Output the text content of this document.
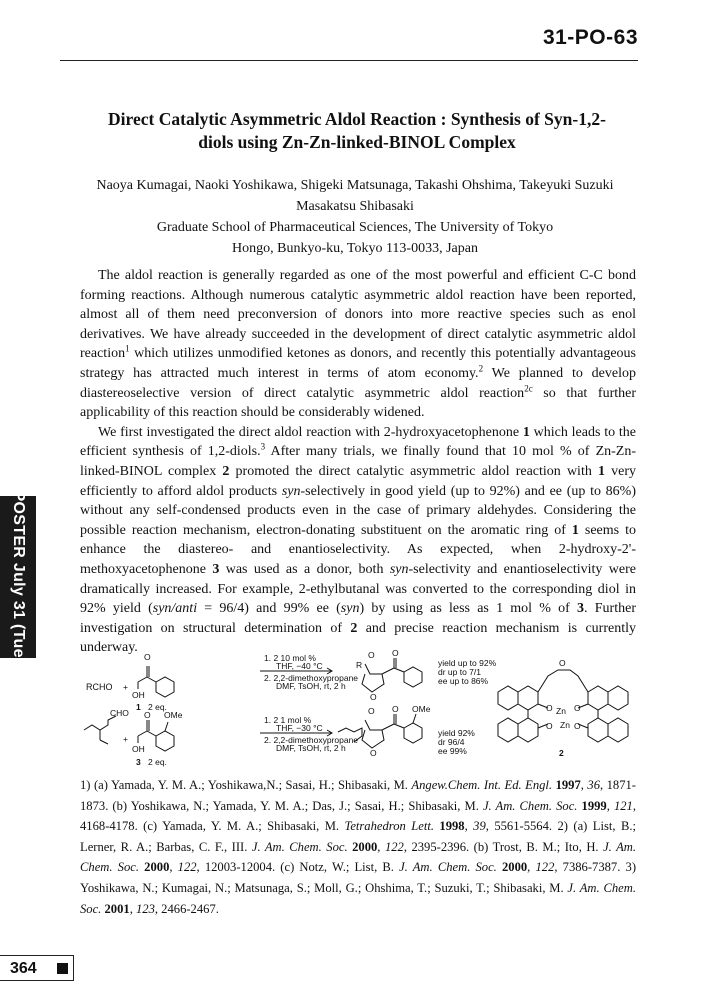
31-PO-63
Direct Catalytic Asymmetric Aldol Reaction : Synthesis of Syn-1,2-
diols using Zn-Zn-linked-BINOL Complex
Naoya Kumagai, Naoki Yoshikawa, Shigeki Matsunaga, Takashi Ohshima, Takeyuki Suzuki
Masakatsu Shibasaki
Graduate School of Pharmaceutical Sciences, The University of Tokyo
Hongo, Bunkyo-ku, Tokyo 113-0033, Japan

The aldol reaction is generally regarded as one of the most powerful and efficient C-C bond forming reactions. Although numerous catalytic asymmetric aldol reaction have been reported, almost all of them need preconversion of donors into more reactive species such as enol derivatives. We have already succeeded in the development of direct catalytic asymmetric aldol reaction$^1$ which utilizes unmodified ketones as donors, and recently this potentially advantageous strategy has attracted much interest in terms of atom economy.$^2$ We planned to develop diastereoselective version of direct catalytic asymmetric aldol reaction$^{2c}$ so that further applicability of this reaction should be considerably widened.

We first investigated the direct aldol reaction with 2-hydroxyacetophenone 1 which leads to the efficient synthesis of 1,2-diols.$^3$ After many trials, we finally found that 10 mol % of Zn-Zn-linked-BINOL complex 2 promoted the direct catalytic asymmetric aldol reaction with 1 very efficiently to afford aldol products syn-selectively in good yield (up to 92%) and ee (up to 86%) without any self-condensed products even in the case of primary aldehydes. Considering the possible reaction mechanism, electron-donating substituent on the aromatic ring of 1 seems to enhance the diastereo- and enantioselectivity. As expected, when 2-hydroxy-2'-methoxyacetophenone 3 was used as a donor, both syn-selectivity and enantioselectivity were dramatically increased. For example, 2-ethylbutanal was converted to the corresponding diol in 92% yield (syn/anti = 96/4) and 99% ee (syn) by using as less as 1 mol % of 3. Further investigation on structural determination of 2 and precise reaction mechanism is currently underway.

O
OH
RCHO +
1 2 eq.
1. 2 10 mol %
THF, −40 °C
2. 2,2-dimethoxypropane
DMF, TsOH, rt, 2 h
R
O O
O
yield up to 92%
dr up to 7/1
ee up to 86%
CHO
+
O OMe
OH
3 2 eq.
1. 2 1 mol %
THF, −30 °C
2. 2,2-dimethoxypropane
DMF, TsOH, rt, 2 h
O O OMe
O
yield 92%
dr 96/4
ee 99%
O
O
O
O
O
Zn
Zn
2
1) (a) Yamada, Y. M. A.; Yoshikawa,N.; Sasai, H.; Shibasaki, M. Angew.Chem. Int. Ed. Engl. 1997, 36, 1871-1873. (b) Yoshikawa, N.; Yamada, Y. M. A.; Das, J.; Sasai, H.; Shibasaki, M. J. Am. Chem. Soc. 1999, 121, 4168-4178. (c) Yamada, Y. M. A.; Shibasaki, M. Tetrahedron Lett. 1998, 39, 5561-5564. 2) (a) List, B.; Lerner, R. A.; Barbas, C. F., III. J. Am. Chem. Soc. 2000, 122, 2395-2396. (b) Trost, B. M.; Ito, H. J. Am. Chem. Soc. 2000, 122, 12003-12004. (c) Notz, W.; List, B. J. Am. Chem. Soc. 2000, 122, 7386-7387. 3) Yoshikawa, N.; Kumagai, N.; Matsunaga, S.; Moll, G.; Ohshima, T.; Suzuki, T.; Shibasaki, M. J. Am. Chem. Soc. 2001, 123, 2466-2467.
POSTER July 31 (Tue)
364
